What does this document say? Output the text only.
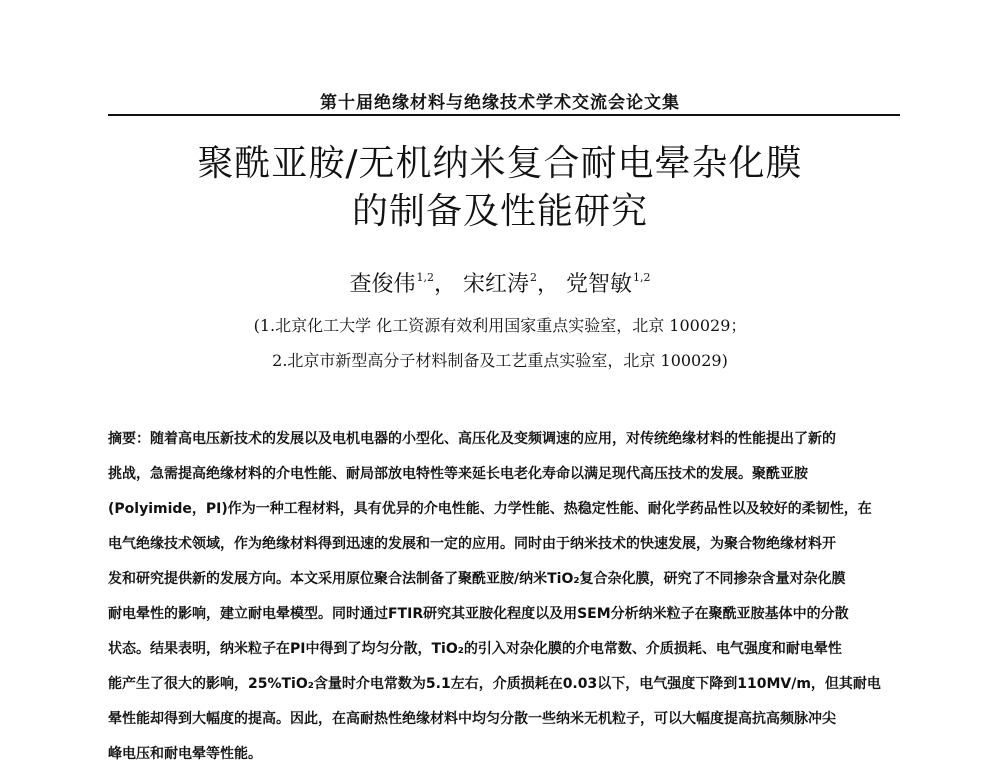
第十届绝缘材料与绝缘技术学术交流会论文集
聚酰亚胺/无机纳米复合耐电晕杂化膜
的制备及性能研究
查俊伟$^{1,2}$， 宋红涛$^2$， 党智敏$^{1,2}$
(1.北京化工大学 化工资源有效利用国家重点实验室，北京 100029；
2.北京市新型高分子材料制备及工艺重点实验室，北京 100029)
摘要：随着高电压新技术的发展以及电机电器的小型化、高压化及变频调速的应用，对传统绝缘材料的性能提出了新的
挑战，急需提高绝缘材料的介电性能、耐局部放电特性等来延长电老化寿命以满足现代高压技术的发展。聚酰亚胺
(Polyimide，PI)作为一种工程材料，具有优异的介电性能、力学性能、热稳定性能、耐化学药品性以及较好的柔韧性，在
电气绝缘技术领域，作为绝缘材料得到迅速的发展和一定的应用。同时由于纳米技术的快速发展，为聚合物绝缘材料开
发和研究提供新的发展方向。本文采用原位聚合法制备了聚酰亚胺/纳米TiO₂复合杂化膜，研究了不同掺杂含量对杂化膜
耐电晕性的影响，建立耐电晕模型。同时通过FTIR研究其亚胺化程度以及用SEM分析纳米粒子在聚酰亚胺基体中的分散
状态。结果表明，纳米粒子在PI中得到了均匀分散，TiO₂的引入对杂化膜的介电常数、介质损耗、电气强度和耐电晕性
能产生了很大的影响，25%TiO₂含量时介电常数为5.1左右，介质损耗在0.03以下，电气强度下降到110MV/m，但其耐电
晕性能却得到大幅度的提高。因此，在高耐热性绝缘材料中均匀分散一些纳米无机粒子，可以大幅度提高抗高频脉冲尖
峰电压和耐电晕等性能。
